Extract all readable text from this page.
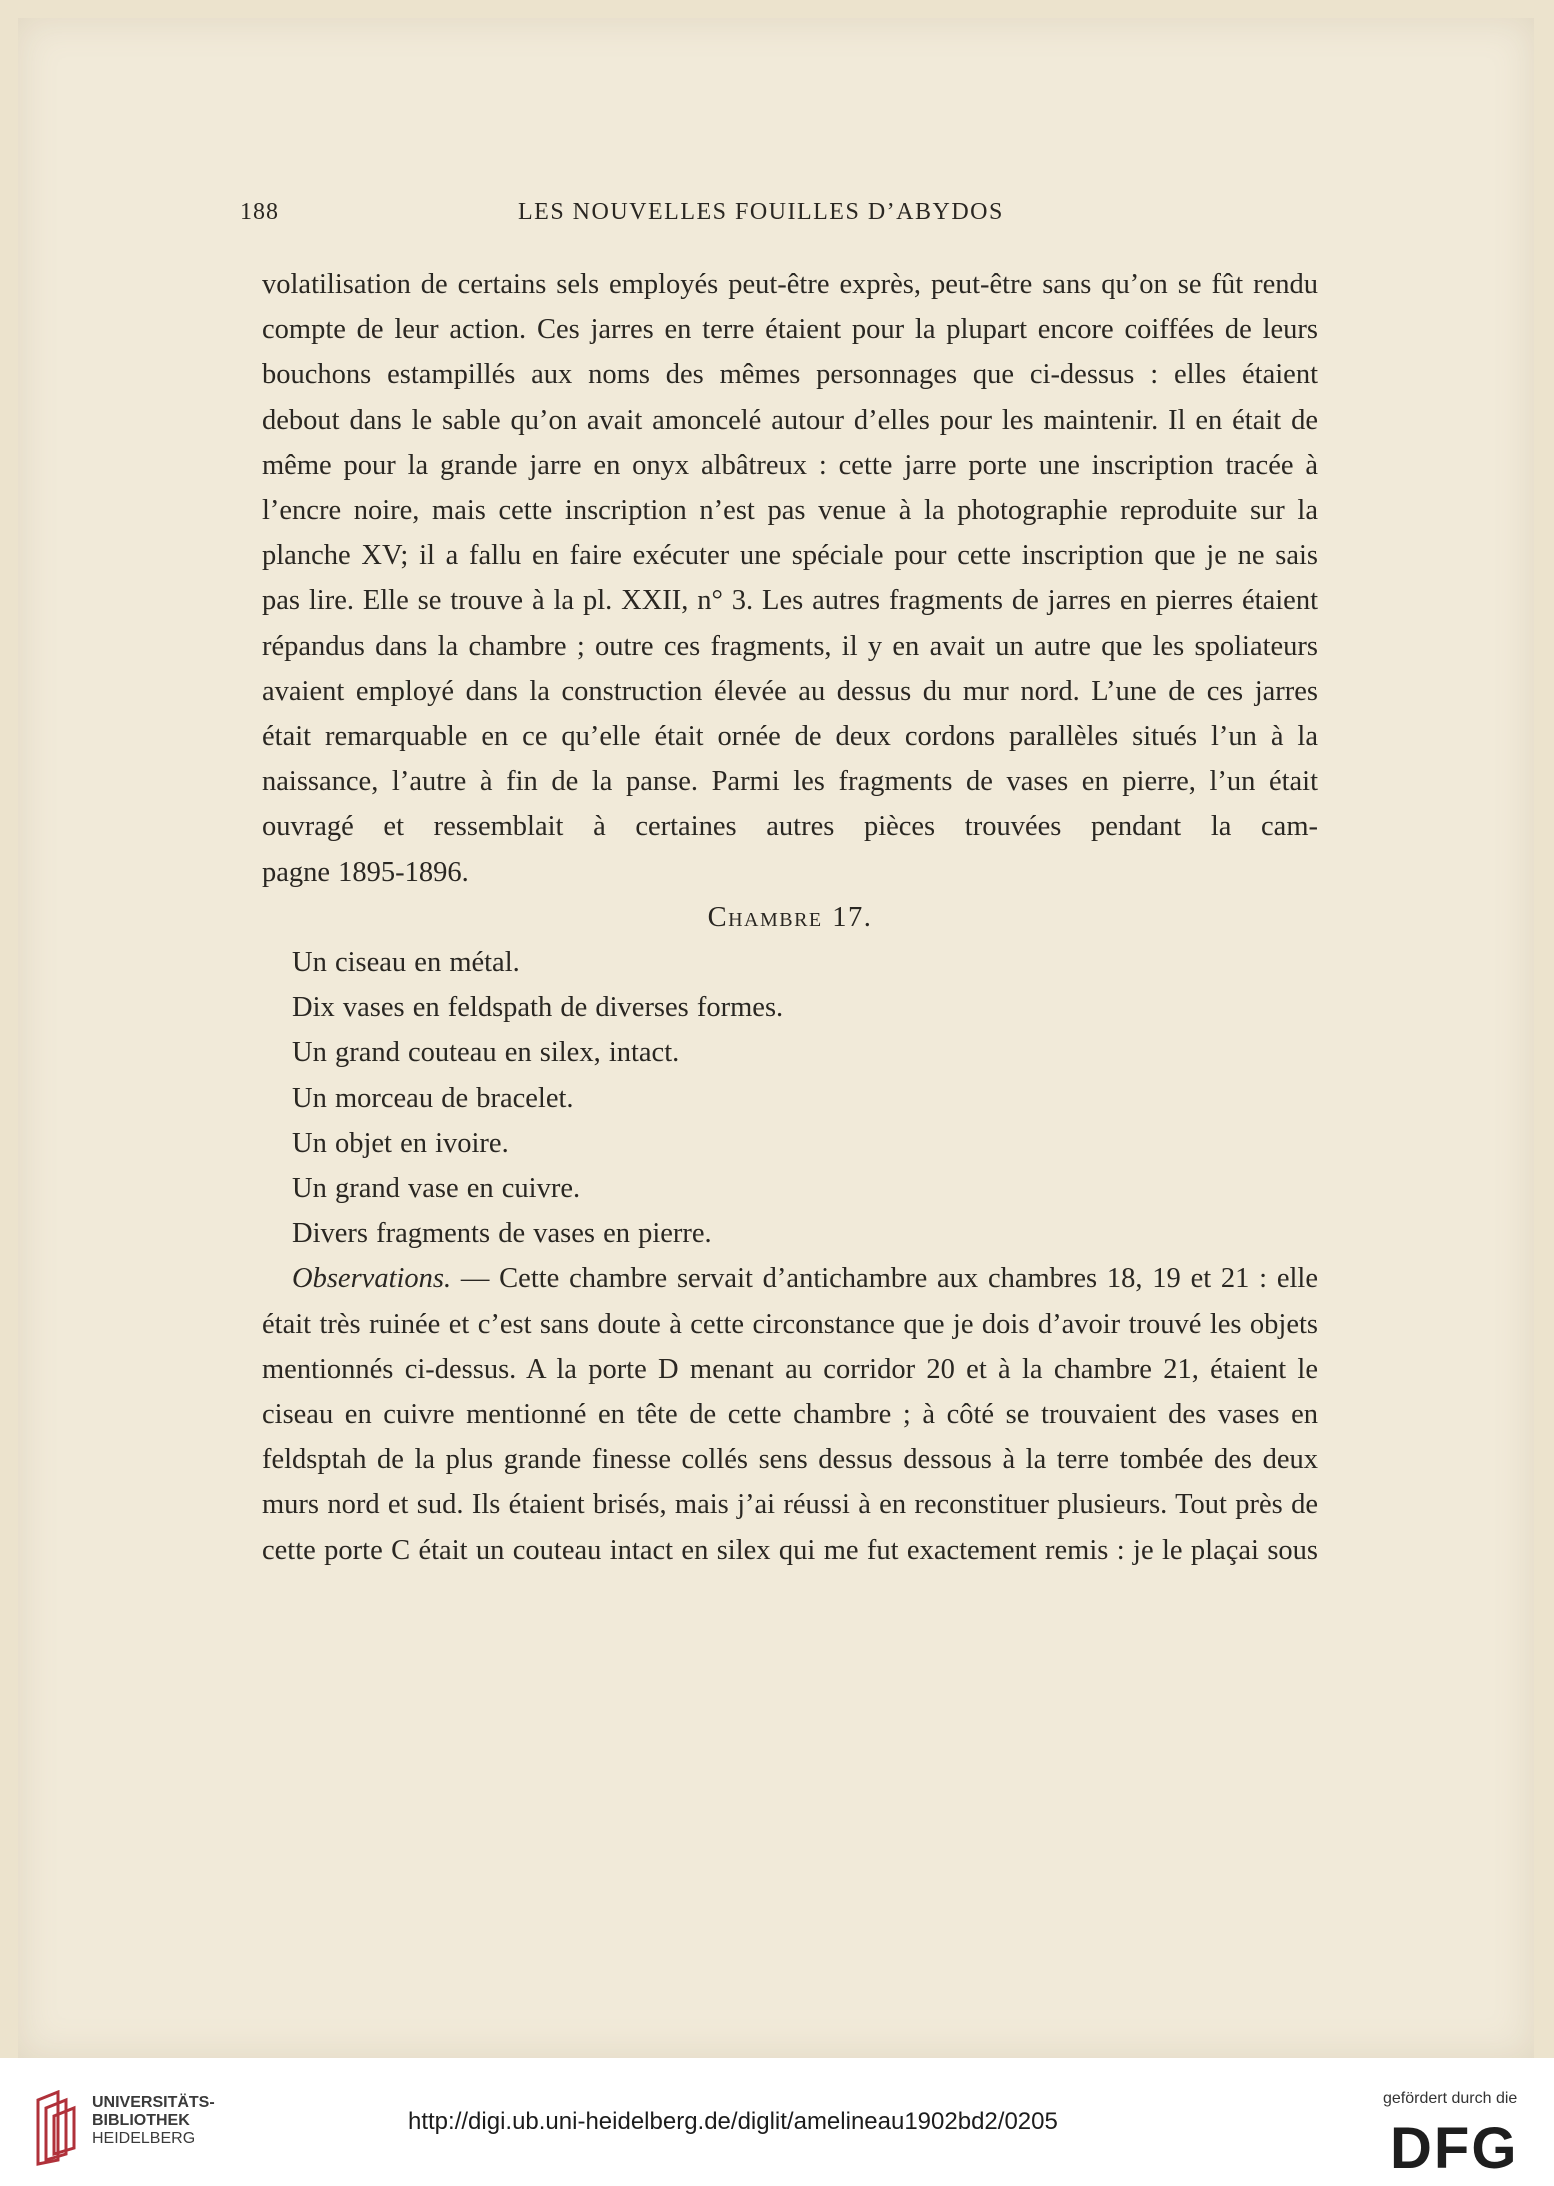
188	LES NOUVELLES FOUILLES D’ABYDOS

volatilisation de certains sels employés peut-être exprès, peut-être sans qu’on se fût rendu compte de leur action. Ces jarres en terre étaient pour la plupart encore coiffées de leurs bouchons estampillés aux noms des mêmes personnages que ci-dessus : elles étaient debout dans le sable qu’on avait amoncelé autour d’elles pour les maintenir. Il en était de même pour la grande jarre en onyx albâtreux : cette jarre porte une inscription tracée à l’encre noire, mais cette inscription n’est pas venue à la photographie reproduite sur la planche XV; il a fallu en faire exécuter une spéciale pour cette inscription que je ne sais pas lire. Elle se trouve à la pl. XXII, n° 3. Les autres fragments de jarres en pierres étaient répandus dans la chambre ; outre ces fragments, il y en avait un autre que les spoliateurs avaient employé dans la construction élevée au dessus du mur nord. L’une de ces jarres était remarquable en ce qu’elle était ornée de deux cordons parallèles situés l’un à la naissance, l’autre à fin de la panse. Parmi les fragments de vases en pierre, l’un était ouvragé et ressemblait à certaines autres pièces trouvées pendant la cam-

pagne 1895-1896.

Chambre 17.

Un ciseau en métal.
Dix vases en feldspath de diverses formes.
Un grand couteau en silex, intact.
Un morceau de bracelet.
Un objet en ivoire.
Un grand vase en cuivre.
Divers fragments de vases en pierre.

Observations. — Cette chambre servait d’antichambre aux chambres 18, 19 et 21 : elle était très ruinée et c’est sans doute à cette circonstance que je dois d’avoir trouvé les objets mentionnés ci-dessus. A la porte D menant au corridor 20 et à la chambre 21, étaient le ciseau en cuivre mentionné en tête de cette chambre ; à côté se trouvaient des vases en feldsptah de la plus grande finesse collés sens dessus dessous à la terre tombée des deux murs nord et sud. Ils étaient brisés, mais j’ai réussi à en reconstituer plusieurs. Tout près de cette porte C était un couteau intact en silex qui me fut exactement remis : je le plaçai sous

UNIVERSITÄTS-
BIBLIOTHEK
HEIDELBERG
http://digi.ub.uni-heidelberg.de/diglit/amelineau1902bd2/0205
gefördert durch die
DFG
